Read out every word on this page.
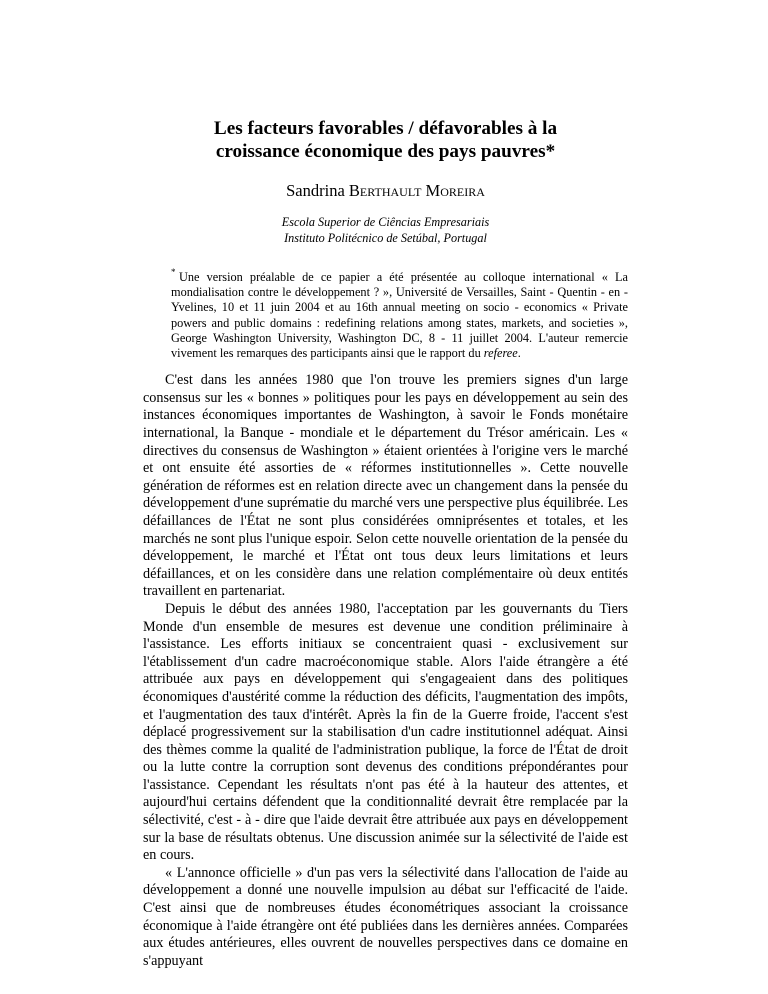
Les facteurs favorables / défavorables à la
croissance économique des pays pauvres*
Sandrina Berthault Moreira
Escola Superior de Ciências Empresariais
Instituto Politécnico de Setúbal, Portugal
* Une version préalable de ce papier a été présentée au colloque international « La mondialisation contre le développement ? », Université de Versailles, Saint - Quentin - en - Yvelines, 10 et 11 juin 2004 et au 16th annual meeting on socio - economics « Private powers and public domains : redefining relations among states, markets, and societies », George Washington University, Washington DC, 8 - 11 juillet 2004. L'auteur remercie vivement les remarques des participants ainsi que le rapport du referee.

C'est dans les années 1980 que l'on trouve les premiers signes d'un large consensus sur les « bonnes » politiques pour les pays en développement au sein des instances économiques importantes de Washington, à savoir le Fonds monétaire international, la Banque - mondiale et le département du Trésor américain. Les « directives du consensus de Washington » étaient orientées à l'origine vers le marché et ont ensuite été assorties de « réformes institutionnelles ». Cette nouvelle génération de réformes est en relation directe avec un changement dans la pensée du développement d'une suprématie du marché vers une perspective plus équilibrée. Les défaillances de l'État ne sont plus considérées omniprésentes et totales, et les marchés ne sont plus l'unique espoir. Selon cette nouvelle orientation de la pensée du développement, le marché et l'État ont tous deux leurs limitations et leurs défaillances, et on les considère dans une relation complémentaire où deux entités travaillent en partenariat.

Depuis le début des années 1980, l'acceptation par les gouvernants du Tiers Monde d'un ensemble de mesures est devenue une condition préliminaire à l'assistance. Les efforts initiaux se concentraient quasi - exclusivement sur l'établissement d'un cadre macroéconomique stable. Alors l'aide étrangère a été attribuée aux pays en développement qui s'engageaient dans des politiques économiques d'austérité comme la réduction des déficits, l'augmentation des impôts, et l'augmentation des taux d'intérêt. Après la fin de la Guerre froide, l'accent s'est déplacé progressivement sur la stabilisation d'un cadre institutionnel adéquat. Ainsi des thèmes comme la qualité de l'administration publique, la force de l'État de droit ou la lutte contre la corruption sont devenus des conditions prépondérantes pour l'assistance. Cependant les résultats n'ont pas été à la hauteur des attentes, et aujourd'hui certains défendent que la conditionnalité devrait être remplacée par la sélectivité, c'est - à - dire que l'aide devrait être attribuée aux pays en développement sur la base de résultats obtenus. Une discussion animée sur la sélectivité de l'aide est en cours.

« L'annonce officielle » d'un pas vers la sélectivité dans l'allocation de l'aide au développement a donné une nouvelle impulsion au débat sur l'efficacité de l'aide. C'est ainsi que de nombreuses études économétriques associant la croissance économique à l'aide étrangère ont été publiées dans les dernières années. Comparées aux études antérieures, elles ouvrent de nouvelles perspectives dans ce domaine en s'appuyant
